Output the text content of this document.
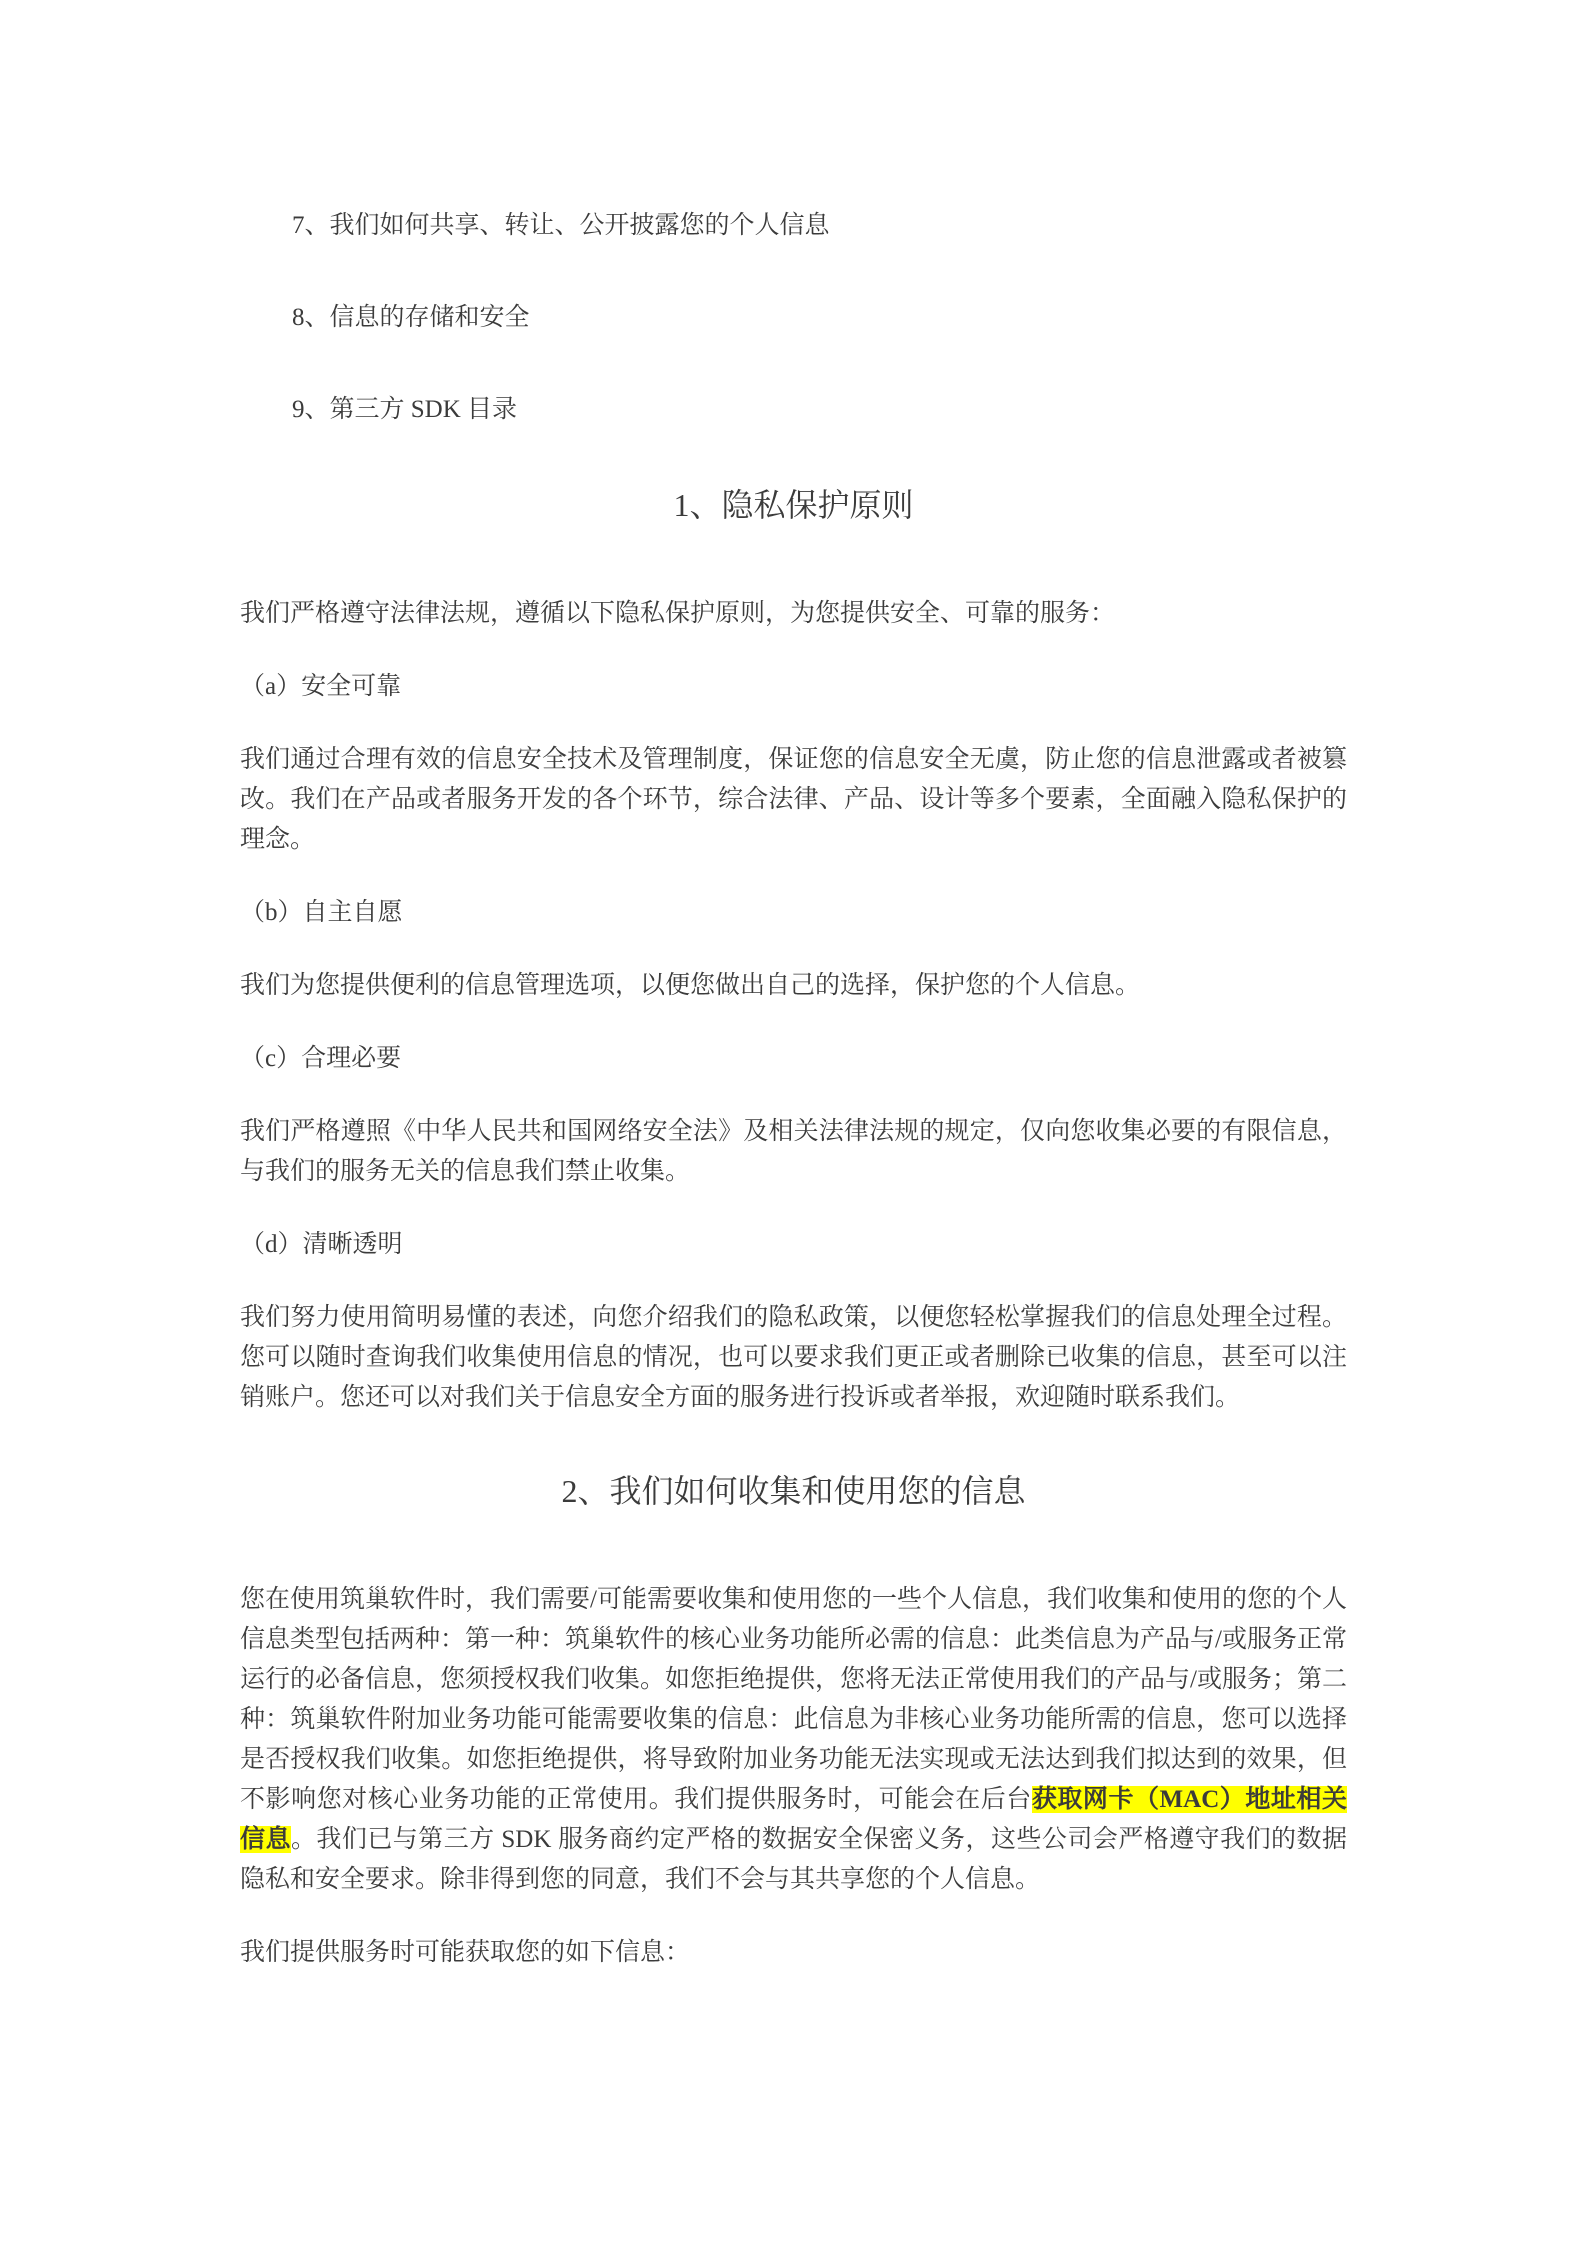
7、我们如何共享、转让、公开披露您的个人信息
8、信息的存储和安全
9、第三方 SDK 目录
1、隐私保护原则
我们严格遵守法律法规，遵循以下隐私保护原则，为您提供安全、可靠的服务：
（a）安全可靠
我们通过合理有效的信息安全技术及管理制度，保证您的信息安全无虞，防止您的信息泄露或者被篡改。我们在产品或者服务开发的各个环节，综合法律、产品、设计等多个要素，全面融入隐私保护的理念。
（b）自主自愿
我们为您提供便利的信息管理选项，以便您做出自己的选择，保护您的个人信息。
（c）合理必要
我们严格遵照《中华人民共和国网络安全法》及相关法律法规的规定，仅向您收集必要的有限信息，与我们的服务无关的信息我们禁止收集。
（d）清晰透明
我们努力使用简明易懂的表述，向您介绍我们的隐私政策，以便您轻松掌握我们的信息处理全过程。您可以随时查询我们收集使用信息的情况，也可以要求我们更正或者删除已收集的信息，甚至可以注销账户。您还可以对我们关于信息安全方面的服务进行投诉或者举报，欢迎随时联系我们。
2、我们如何收集和使用您的信息
您在使用筑巢软件时，我们需要/可能需要收集和使用您的一些个人信息，我们收集和使用的您的个人信息类型包括两种：第一种：筑巢软件的核心业务功能所必需的信息：此类信息为产品与/或服务正常运行的必备信息，您须授权我们收集。如您拒绝提供，您将无法正常使用我们的产品与/或服务；第二种：筑巢软件附加业务功能可能需要收集的信息：此信息为非核心业务功能所需的信息，您可以选择是否授权我们收集。如您拒绝提供，将导致附加业务功能无法实现或无法达到我们拟达到的效果，但不影响您对核心业务功能的正常使用。我们提供服务时，可能会在后台获取网卡（MAC）地址相关信息。我们已与第三方 SDK 服务商约定严格的数据安全保密义务，这些公司会严格遵守我们的数据隐私和安全要求。除非得到您的同意，我们不会与其共享您的个人信息。
我们提供服务时可能获取您的如下信息：
